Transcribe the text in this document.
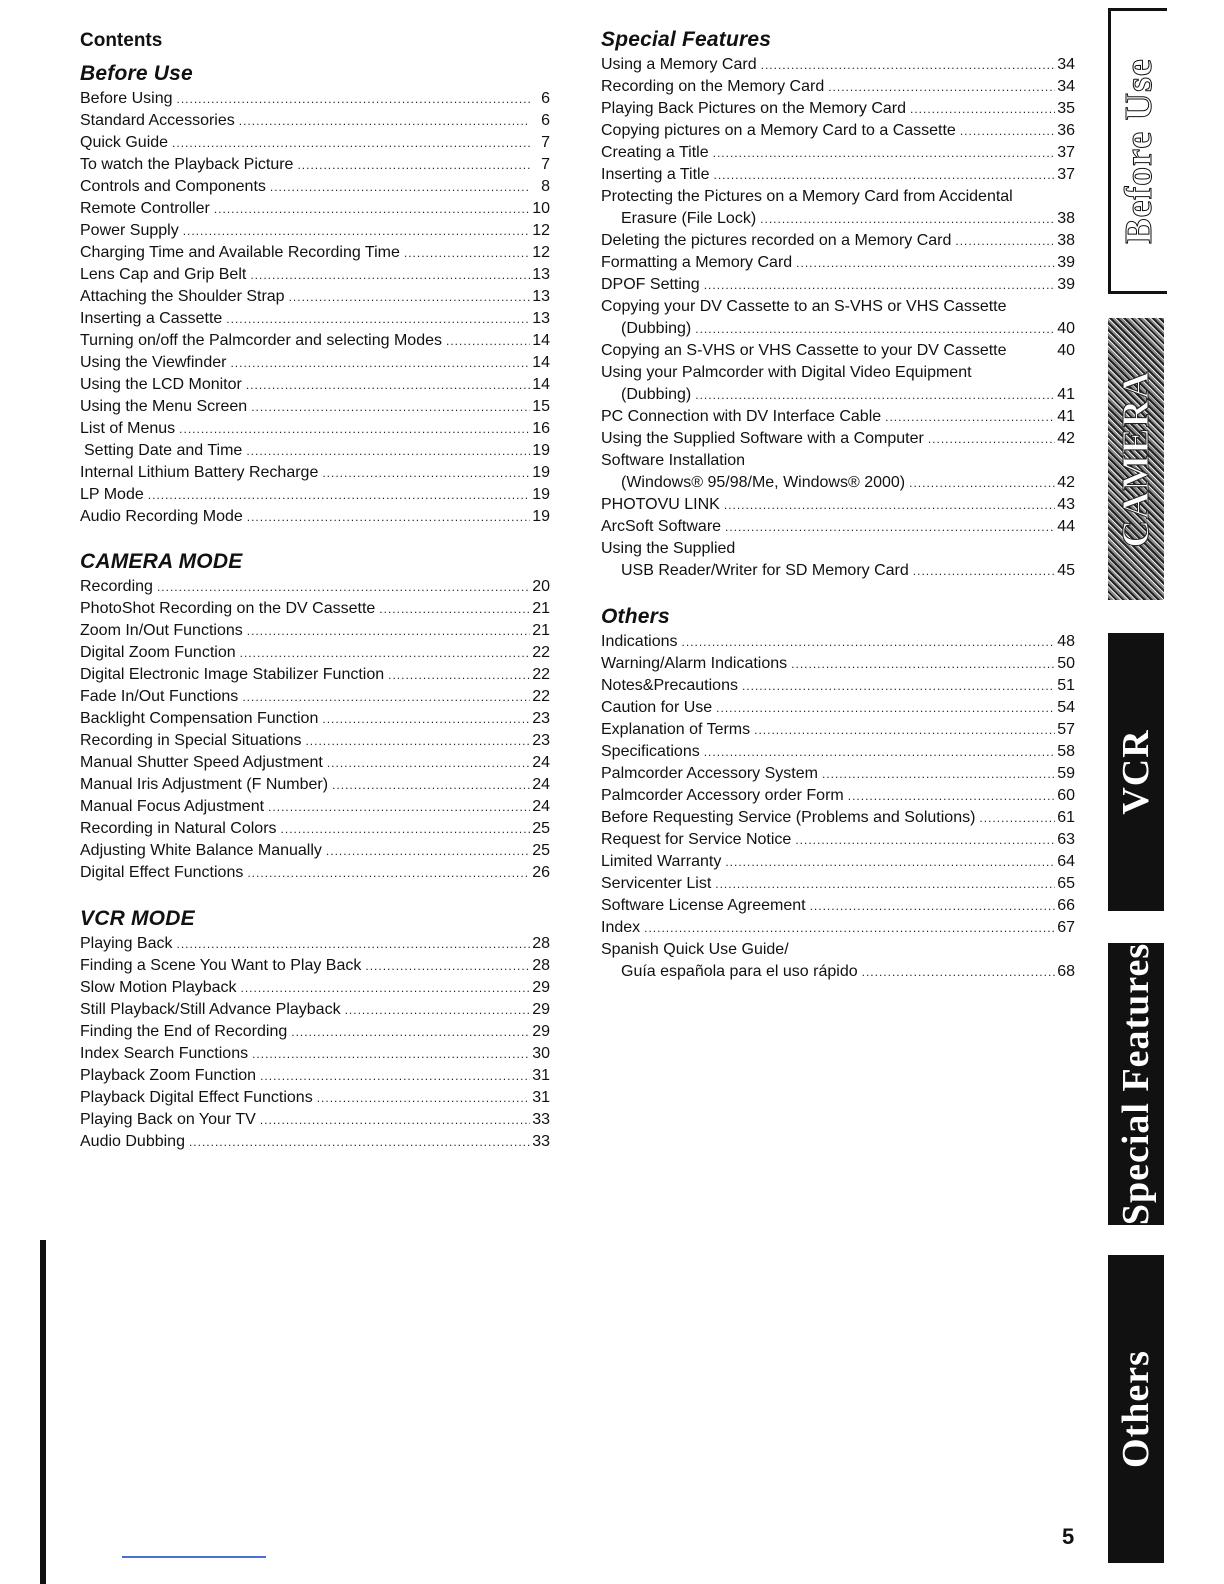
Contents
Before Use
Before Using .....	6
Standard Accessories .....	6
Quick Guide .....	7
To watch the Playback Picture .....	7
Controls and Components .....	8
Remote Controller .....	10
Power Supply .....	12
Charging Time and Available Recording Time .....	12
Lens Cap and Grip Belt .....	13
Attaching the Shoulder Strap .....	13
Inserting a Cassette .....	13
Turning on/off the Palmcorder and selecting Modes .....	14
Using the Viewfinder .....	14
Using the LCD Monitor .....	14
Using the Menu Screen .....	15
List of Menus .....	16
Setting Date and Time .....	19
Internal Lithium Battery Recharge .....	19
LP Mode .....	19
Audio Recording Mode .....	19
CAMERA MODE
Recording .....	20
PhotoShot Recording on the DV Cassette .....	21
Zoom In/Out Functions .....	21
Digital Zoom Function .....	22
Digital Electronic Image Stabilizer Function .....	22
Fade In/Out Functions .....	22
Backlight Compensation Function .....	23
Recording in Special Situations .....	23
Manual Shutter Speed Adjustment .....	24
Manual Iris Adjustment (F Number) .....	24
Manual Focus Adjustment .....	24
Recording in Natural Colors .....	25
Adjusting White Balance Manually .....	25
Digital Effect Functions .....	26
VCR MODE
Playing Back .....	28
Finding a Scene You Want to Play Back .....	28
Slow Motion Playback .....	29
Still Playback/Still Advance Playback .....	29
Finding the End of Recording .....	29
Index Search Functions .....	30
Playback Zoom Function .....	31
Playback Digital Effect Functions .....	31
Playing Back on Your TV .....	33
Audio Dubbing .....	33
Special Features
Using a Memory Card .....	34
Recording on the Memory Card .....	34
Playing Back Pictures on the Memory Card .....	35
Copying pictures on a Memory Card to a Cassette .....	36
Creating a Title .....	37
Inserting a Title .....	37
Protecting the Pictures on a Memory Card from Accidental
Erasure (File Lock) .....	38
Deleting the pictures recorded on a Memory Card .....	38
Formatting a Memory Card .....	39
DPOF Setting .....	39
Copying your DV Cassette to an S-VHS or VHS Cassette
(Dubbing) .....	40
Copying an S-VHS or VHS Cassette to your DV Cassette	40
Using your Palmcorder with Digital Video Equipment
(Dubbing) .....	41
PC Connection with DV Interface Cable .....	41
Using the Supplied Software with a Computer .....	42
Software Installation
(Windows® 95/98/Me, Windows® 2000) .....	42
PHOTOVU LINK .....	43
ArcSoft Software .....	44
Using the Supplied
USB Reader/Writer for SD Memory Card .....	45
Others
Indications .....	48
Warning/Alarm Indications .....	50
Notes&Precautions .....	51
Caution for Use .....	54
Explanation of Terms .....	57
Specifications .....	58
Palmcorder Accessory System .....	59
Palmcorder Accessory order Form .....	60
Before Requesting Service (Problems and Solutions) .....	61
Request for Service Notice .....	63
Limited Warranty .....	64
Servicenter List .....	65
Software License Agreement .....	66
Index .....	67
Spanish Quick Use Guide/
Guía española para el uso rápido .....	68
Before Use
CAMERA
VCR
Special Features
Others
5
